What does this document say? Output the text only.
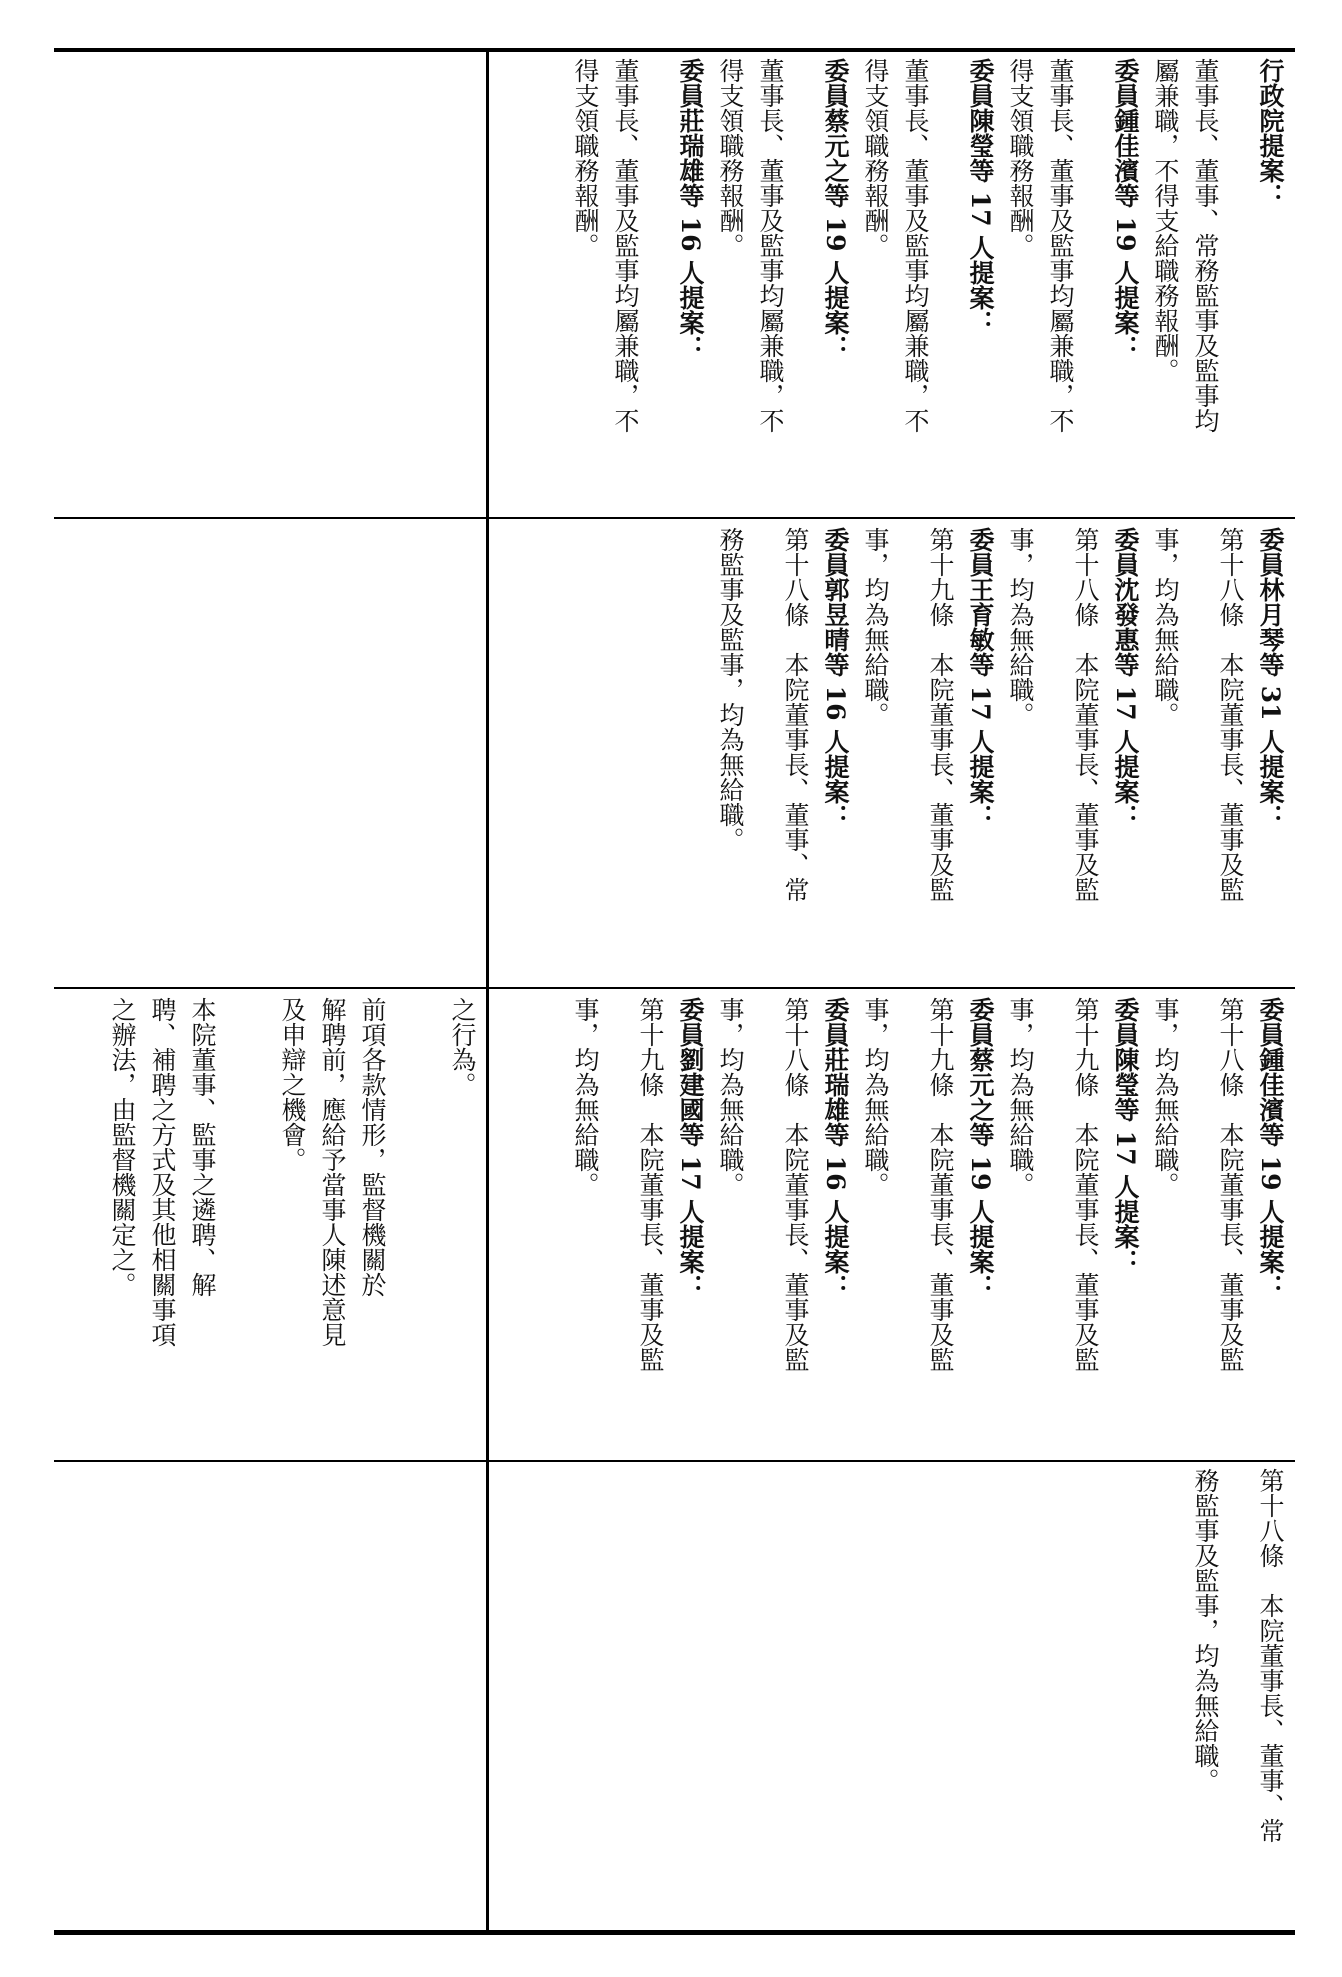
行政院提案：

董事長、董事、常務監事及監事均

屬兼職，不得支給職務報酬。

委員鍾佳濱等 19 人提案：

董事長、董事及監事均屬兼職，不

得支領職務報酬。

委員陳瑩等 17 人提案：

董事長、董事及監事均屬兼職，不

得支領職務報酬。

委員蔡元之等 19 人提案：

董事長、董事及監事均屬兼職，不

得支領職務報酬。

委員莊瑞雄等 16 人提案：

董事長、董事及監事均屬兼職，不

得支領職務報酬。

委員林月琴等 31 人提案：

第十八條　本院董事長、董事及監

事，均為無給職。

委員沈發惠等 17 人提案：

第十八條　本院董事長、董事及監

事，均為無給職。

委員王育敏等 17 人提案：

第十九條　本院董事長、董事及監

事，均為無給職。

委員郭昱晴等 16 人提案：

第十八條　本院董事長、董事、常

務監事及監事，均為無給職。

委員鍾佳濱等 19 人提案：

第十八條　本院董事長、董事及監

事，均為無給職。

委員陳瑩等 17 人提案：

第十九條　本院董事長、董事及監

事，均為無給職。

委員蔡元之等 19 人提案：

第十九條　本院董事長、董事及監

事，均為無給職。

委員莊瑞雄等 16 人提案：

第十八條　本院董事長、董事及監

事，均為無給職。

委員劉建國等 17 人提案：

第十九條　本院董事長、董事及監

事，均為無給職。

之行為。

前項各款情形，監督機關於

解聘前，應給予當事人陳述意見

及申辯之機會。

本院董事、監事之遴聘、解

聘、補聘之方式及其他相關事項

之辦法，由監督機關定之。

第十八條　本院董事長、董事、常

務監事及監事，均為無給職。
